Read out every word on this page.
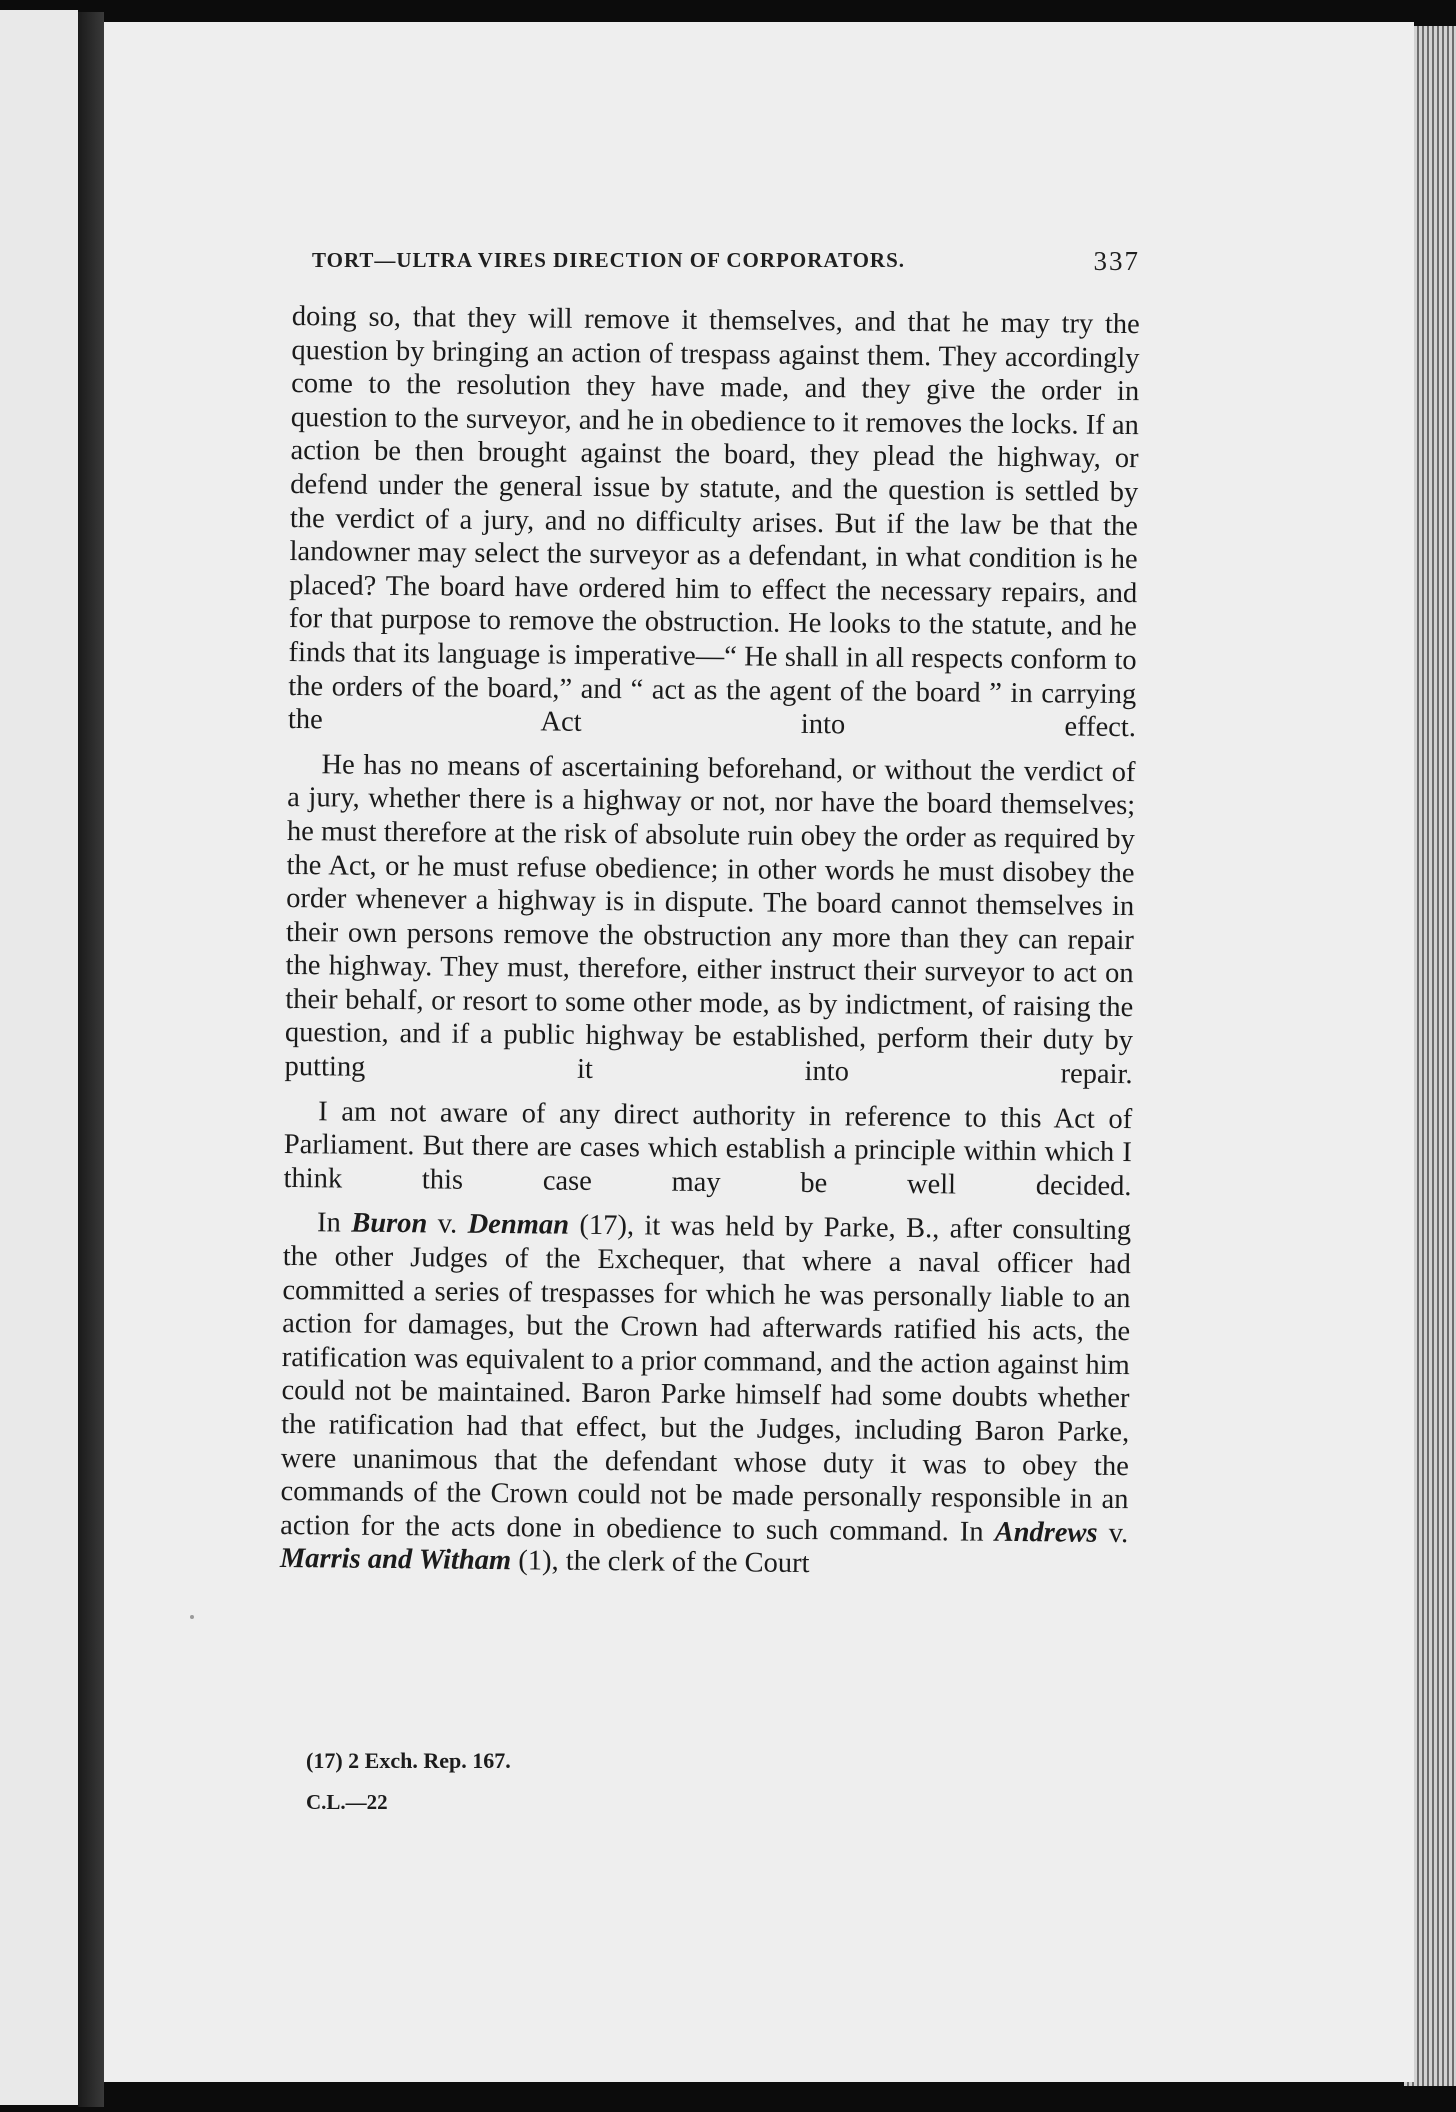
TORT—ULTRA VIRES DIRECTION OF CORPORATORS.	337

doing so, that they will remove it themselves, and that he may try the question by bringing an action of trespass against them. They accordingly come to the resolution they have made, and they give the order in question to the surveyor, and he in obedience to it removes the locks. If an action be then brought against the board, they plead the highway, or defend under the general issue by statute, and the question is settled by the verdict of a jury, and no difficulty arises. But if the law be that the landowner may select the surveyor as a defendant, in what condition is he placed? The board have ordered him to effect the necessary repairs, and for that purpose to remove the obstruction. He looks to the statute, and he finds that its language is imperative—“ He shall in all respects conform to the orders of the board,” and “ act as the agent of the board ” in carrying the Act into effect.

He has no means of ascertaining beforehand, or without the verdict of a jury, whether there is a highway or not, nor have the board themselves; he must therefore at the risk of absolute ruin obey the order as required by the Act, or he must refuse obedience; in other words he must disobey the order whenever a highway is in dispute. The board cannot themselves in their own persons remove the obstruction any more than they can repair the highway. They must, therefore, either instruct their surveyor to act on their behalf, or resort to some other mode, as by indictment, of raising the question, and if a public highway be established, perform their duty by putting it into repair.

I am not aware of any direct authority in reference to this Act of Parliament. But there are cases which establish a principle within which I think this case may be well decided.

In Buron v. Denman (17), it was held by Parke, B., after consulting the other Judges of the Exchequer, that where a naval officer had committed a series of trespasses for which he was personally liable to an action for damages, but the Crown had afterwards ratified his acts, the ratification was equivalent to a prior command, and the action against him could not be maintained. Baron Parke himself had some doubts whether the ratification had that effect, but the Judges, including Baron Parke, were unanimous that the defendant whose duty it was to obey the commands of the Crown could not be made personally responsible in an action for the acts done in obedience to such command. In Andrews v. Marris and Witham (1), the clerk of the Court

(17) 2 Exch. Rep. 167.
C.L.—22
